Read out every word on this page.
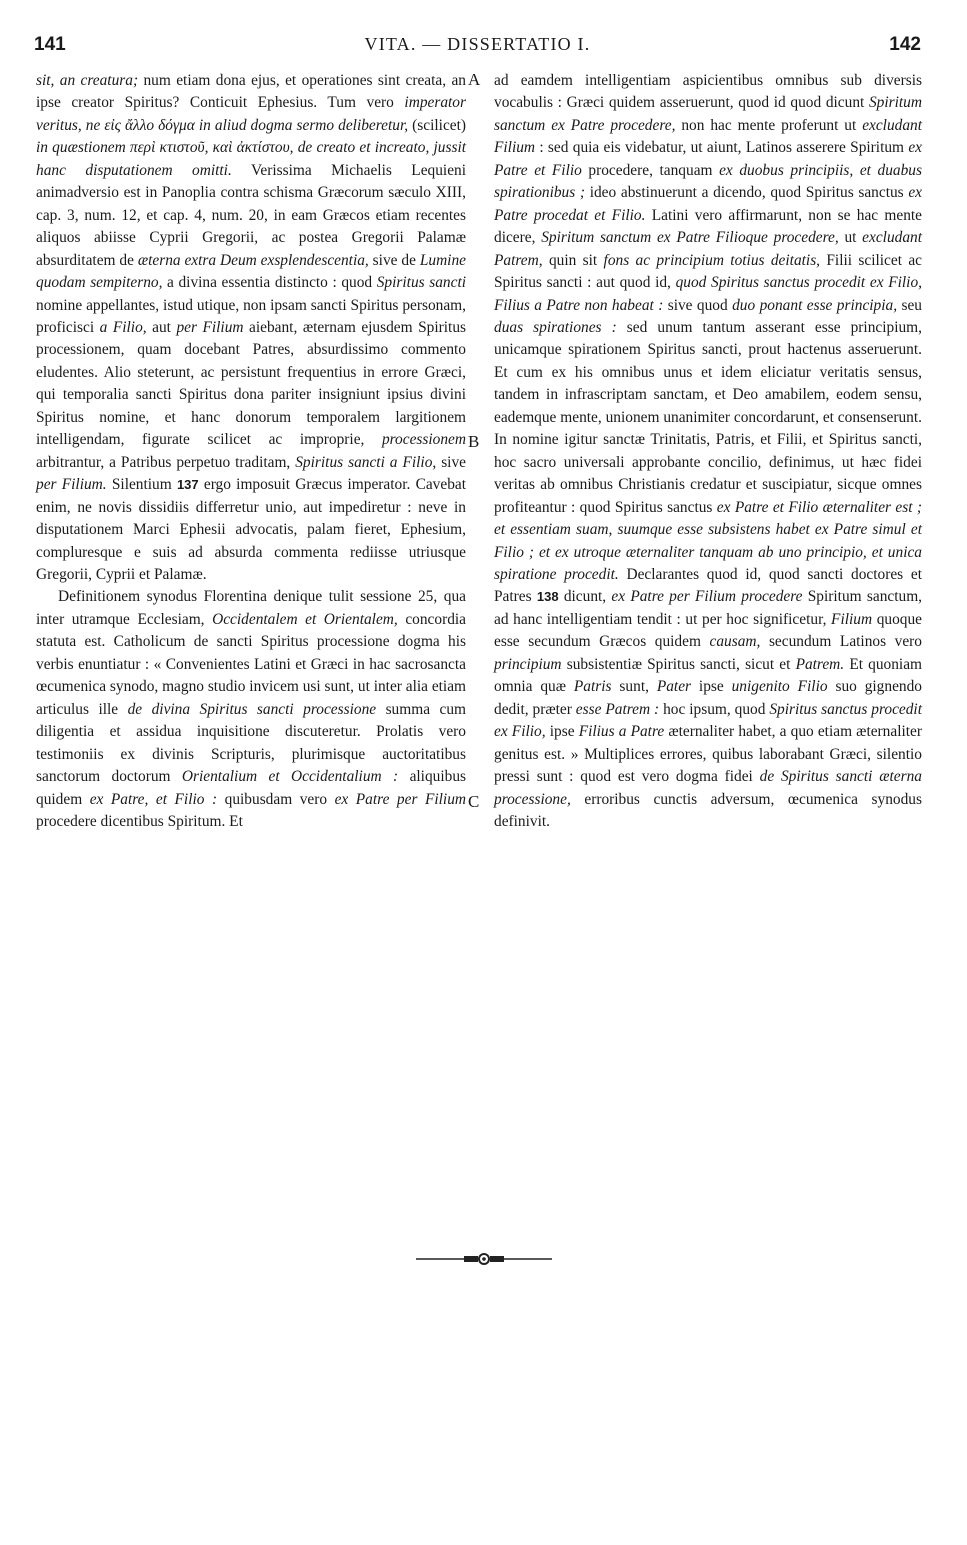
141	VITA. — DISSERTATIO I.	142
A
B
C

sit, an creatura; num etiam dona ejus, et operationes sint creata, an ipse creator Spiritus? Conticuit Ephesius. Tum vero imperator veritus, ne εἰς ἄλλο δόγμα in aliud dogma sermo deliberetur, (scilicet) in quæstionem περὶ κτιστοῦ, καὶ ἀκτίστου, de creato et increato, jussit hanc disputationem omitti. Verissima Michaelis Lequieni animadversio est in Panoplia contra schisma Græcorum sæculo XIII, cap. 3, num. 12, et cap. 4, num. 20, in eam Græcos etiam recentes aliquos abiisse Cyprii Gregorii, ac postea Gregorii Palamæ absurditatem de æterna extra Deum exsplendescentia, sive de Lumine quodam sempiterno, a divina essentia distincto : quod Spiritus sancti nomine appellantes, istud utique, non ipsam sancti Spiritus personam, proficisci a Filio, aut per Filium aiebant, æternam ejusdem Spiritus processionem, quam docebant Patres, absurdissimo commento eludentes. Alio steterunt, ac persistunt frequentius in errore Græci, qui temporalia sancti Spiritus dona pariter insigniunt ipsius divini Spiritus nomine, et hanc donorum temporalem largitionem intelligendam, figurate scilicet ac improprie, processionem arbitrantur, a Patribus perpetuo traditam, Spiritus sancti a Filio, sive per Filium. Silentium 137 ergo imposuit Græcus imperator. Cavebat enim, ne novis dissidiis differretur unio, aut impediretur : neve in disputationem Marci Ephesii advocatis, palam fieret, Ephesium, compluresque e suis ad absurda commenta rediisse utriusque Gregorii, Cyprii et Palamæ.

Definitionem synodus Florentina denique tulit sessione 25, qua inter utramque Ecclesiam, Occidentalem et Orientalem, concordia statuta est. Catholicum de sancti Spiritus processione dogma his verbis enuntiatur : « Convenientes Latini et Græci in hac sacrosancta œcumenica synodo, magno studio invicem usi sunt, ut inter alia etiam articulus ille de divina Spiritus sancti processione summa cum diligentia et assidua inquisitione discuteretur. Prolatis vero testimoniis ex divinis Scripturis, plurimisque auctoritatibus sanctorum doctorum Orientalium et Occidentalium : aliquibus quidem ex Patre, et Filio : quibusdam vero ex Patre per Filium procedere dicentibus Spiritum. Et

ad eamdem intelligentiam aspicientibus omnibus sub diversis vocabulis : Græci quidem asseruerunt, quod id quod dicunt Spiritum sanctum ex Patre procedere, non hac mente proferunt ut excludant Filium : sed quia eis videbatur, ut aiunt, Latinos asserere Spiritum ex Patre et Filio procedere, tanquam ex duobus principiis, et duabus spirationibus ; ideo abstinuerunt a dicendo, quod Spiritus sanctus ex Patre procedat et Filio. Latini vero affirmarunt, non se hac mente dicere, Spiritum sanctum ex Patre Filioque procedere, ut excludant Patrem, quin sit fons ac principium totius deitatis, Filii scilicet ac Spiritus sancti : aut quod id, quod Spiritus sanctus procedit ex Filio, Filius a Patre non habeat : sive quod duo ponant esse principia, seu duas spirationes : sed unum tantum asserant esse principium, unicamque spirationem Spiritus sancti, prout hactenus asseruerunt. Et cum ex his omnibus unus et idem eliciatur veritatis sensus, tandem in infrascriptam sanctam, et Deo amabilem, eodem sensu, eademque mente, unionem unanimiter concordarunt, et consenserunt. In nomine igitur sanctæ Trinitatis, Patris, et Filii, et Spiritus sancti, hoc sacro universali approbante concilio, definimus, ut hæc fidei veritas ab omnibus Christianis credatur et suscipiatur, sicque omnes profiteantur : quod Spiritus sanctus ex Patre et Filio æternaliter est ; et essentiam suam, suumque esse subsistens habet ex Patre simul et Filio ; et ex utroque æternaliter tanquam ab uno principio, et unica spiratione procedit. Declarantes quod id, quod sancti doctores et Patres 138 dicunt, ex Patre per Filium procedere Spiritum sanctum, ad hanc intelligentiam tendit : ut per hoc significetur, Filium quoque esse secundum Græcos quidem causam, secundum Latinos vero principium subsistentiæ Spiritus sancti, sicut et Patrem. Et quoniam omnia quæ Patris sunt, Pater ipse unigenito Filio suo gignendo dedit, præter esse Patrem : hoc ipsum, quod Spiritus sanctus procedit ex Filio, ipse Filius a Patre æternaliter habet, a quo etiam æternaliter genitus est. » Multiplices errores, quibus laborabant Græci, silentio pressi sunt : quod est vero dogma fidei de Spiritus sancti æterna processione, erroribus cunctis adversum, œcumenica synodus definivit.
